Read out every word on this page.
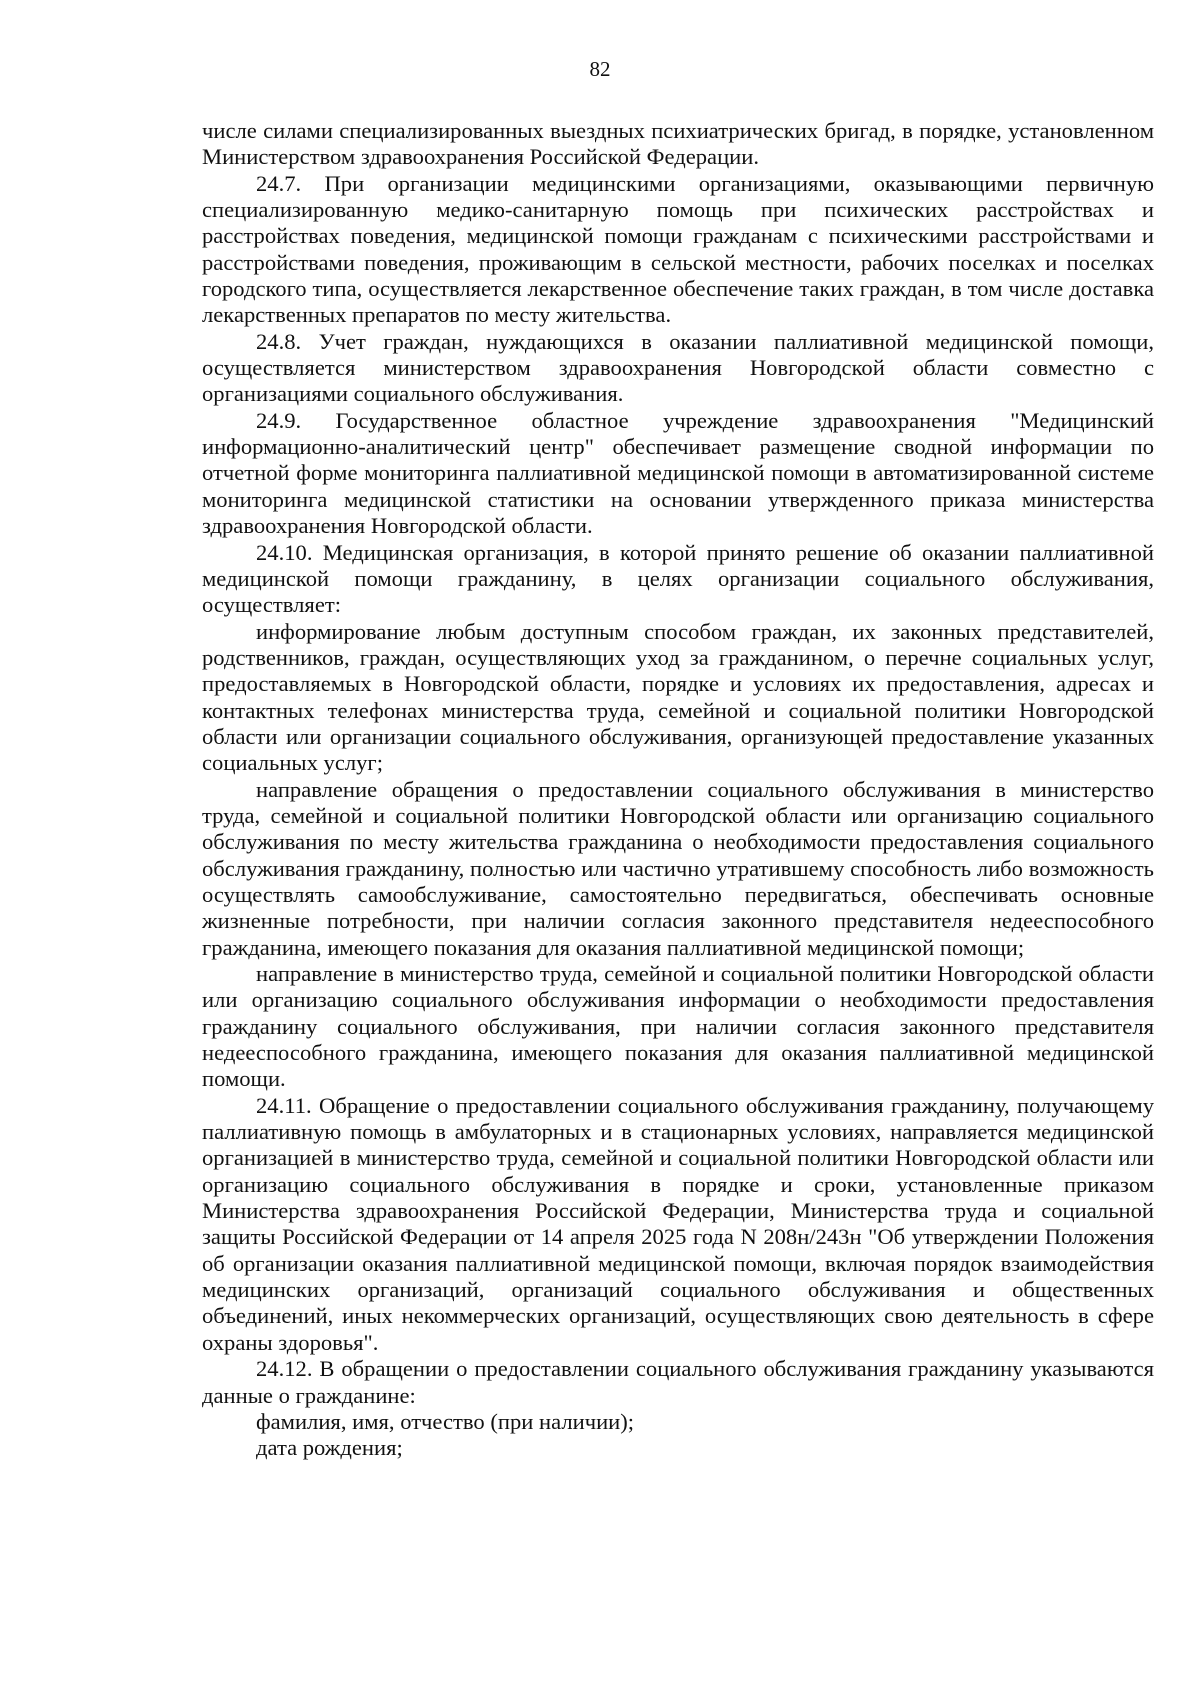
82

числе силами специализированных выездных психиатрических бригад, в порядке, установленном Министерством здравоохранения Российской Федерации.

24.7. При организации медицинскими организациями, оказывающими первичную специализированную медико-санитарную помощь при психических расстройствах и расстройствах поведения, медицинской помощи гражданам с психическими расстройствами и расстройствами поведения, проживающим в сельской местности, рабочих поселках и поселках городского типа, осуществляется лекарственное обеспечение таких граждан, в том числе доставка лекарственных препаратов по месту жительства.

24.8. Учет граждан, нуждающихся в оказании паллиативной медицинской помощи, осуществляется министерством здравоохранения Новгородской области совместно с организациями социального обслуживания.

24.9. Государственное областное учреждение здравоохранения "Медицинский информационно-аналитический центр" обеспечивает размещение сводной информации по отчетной форме мониторинга паллиативной медицинской помощи в автоматизированной системе мониторинга медицинской статистики на основании утвержденного приказа министерства здравоохранения Новгородской области.

24.10. Медицинская организация, в которой принято решение об оказании паллиативной медицинской помощи гражданину, в целях организации социального обслуживания, осуществляет:

информирование любым доступным способом граждан, их законных представителей, родственников, граждан, осуществляющих уход за гражданином, о перечне социальных услуг, предоставляемых в Новгородской области, порядке и условиях их предоставления, адресах и контактных телефонах министерства труда, семейной и социальной политики Новгородской области или организации социального обслуживания, организующей предоставление указанных социальных услуг;

направление обращения о предоставлении социального обслуживания в министерство труда, семейной и социальной политики Новгородской области или организацию социального обслуживания по месту жительства гражданина о необходимости предоставления социального обслуживания гражданину, полностью или частично утратившему способность либо возможность осуществлять самообслуживание, самостоятельно передвигаться, обеспечивать основные жизненные потребности, при наличии согласия законного представителя недееспособного гражданина, имеющего показания для оказания паллиативной медицинской помощи;

направление в министерство труда, семейной и социальной политики Новгородской области или организацию социального обслуживания информации о необходимости предоставления гражданину социального обслуживания, при наличии согласия законного представителя недееспособного гражданина, имеющего показания для оказания паллиативной медицинской помощи.

24.11. Обращение о предоставлении социального обслуживания гражданину, получающему паллиативную помощь в амбулаторных и в стационарных условиях, направляется медицинской организацией в министерство труда, семейной и социальной политики Новгородской области или организацию социального обслуживания в порядке и сроки, установленные приказом Министерства здравоохранения Российской Федерации, Министерства труда и социальной защиты Российской Федерации от 14 апреля 2025 года N 208н/243н "Об утверждении Положения об организации оказания паллиативной медицинской помощи, включая порядок взаимодействия медицинских организаций, организаций социального обслуживания и общественных объединений, иных некоммерческих организаций, осуществляющих свою деятельность в сфере охраны здоровья".

24.12. В обращении о предоставлении социального обслуживания гражданину указываются данные о гражданине:

фамилия, имя, отчество (при наличии);

дата рождения;
